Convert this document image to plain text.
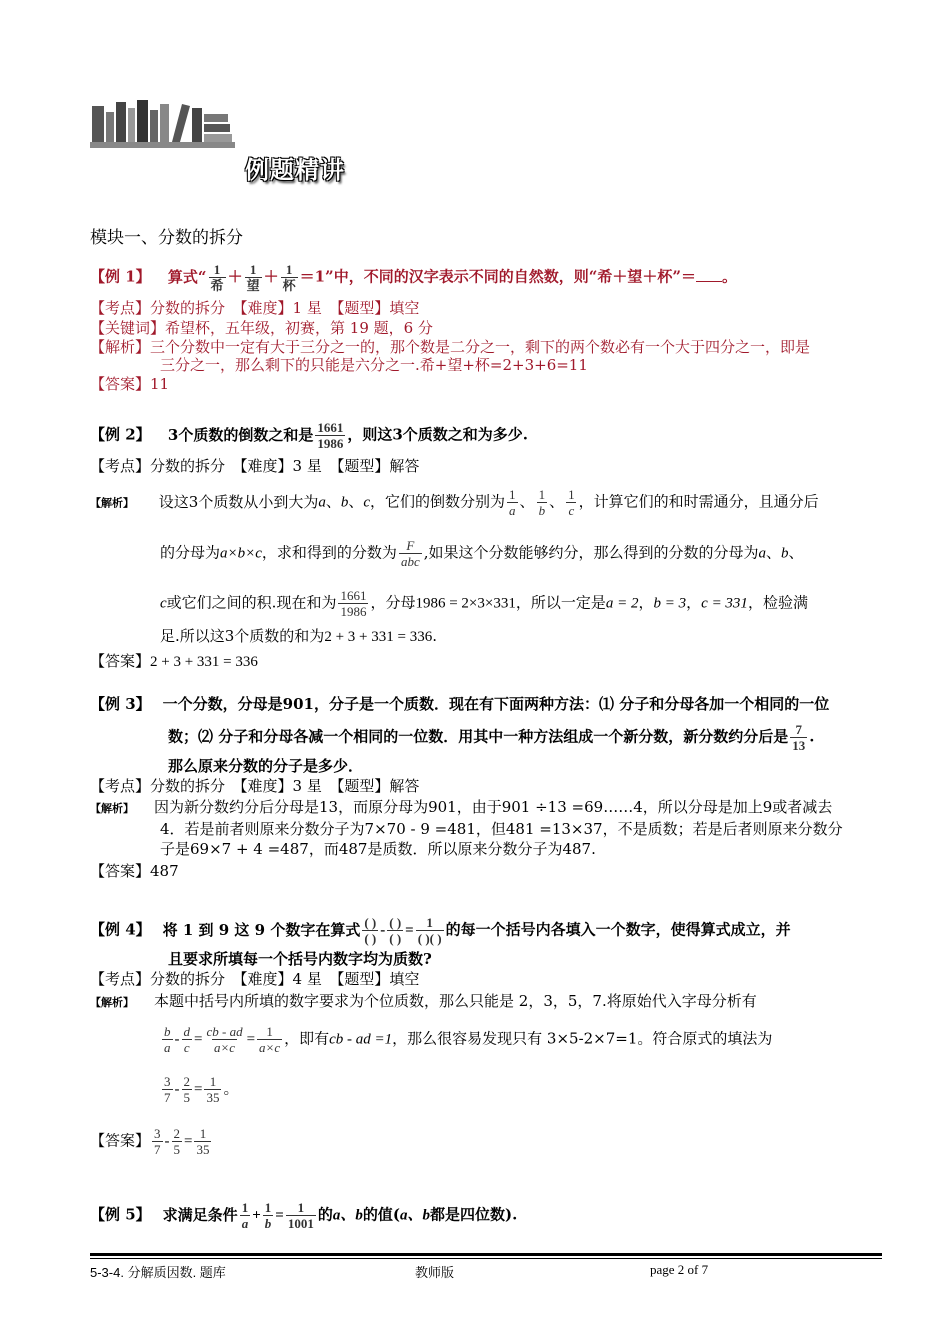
例题精讲
模块一、分数的拆分
【例 1】 算式“ $\frac{1}{\text{希}} + \frac{1}{\text{望}} + \frac{1}{\text{杯}} =1$”中，不同的汉字表示不同的自然数，则“希＋望＋杯”＝ 。
【考点】分数的拆分　【难度】1 星　【题型】填空
【关键词】希望杯，五年级，初赛，第 19 题，6 分
【解析】三个分数中一定有大于三分之一的，那个数是二分之一，剩下的两个数必有一个大于四分之一，即是
三分之一，那么剩下的只能是六分之一.希+望+杯=2+3+6=11
【答案】11
【例 2】 3个质数的倒数之和是 $\frac{1661}{1986}$ ，则这3个质数之和为多少.
【考点】分数的拆分　【难度】3 星　【题型】解答
【解析】 设这3个质数从小到大为a、b、c，它们的倒数分别为 $\frac{1}{a}$ 、 $\frac{1}{b}$ 、 $\frac{1}{c}$ ，计算它们的和时需通分，且通分后
的分母为a×b×c，求和得到的分数为 $\frac{F}{\text{abc}}$ ,如果这个分数能够约分，那么得到的分数的分母为a、b、
c或它们之间的积.现在和为 $\frac{1661}{1986}$ ，分母1986 = 2×3×331，所以一定是a = 2，b = 3，c = 331，检验满
足.所以这3个质数的和为2 + 3 + 331 = 336.
【答案】2 + 3 + 331 = 336
【例 3】 一个分数，分母是901，分子是一个质数．现在有下面两种方法：⑴ 分子和分母各加一个相同的一位
数；⑵ 分子和分母各减一个相同的一位数．用其中一种方法组成一个新分数，新分数约分后是 $\frac{7}{13}$ .
那么原来分数的分子是多少．
【考点】分数的拆分　【难度】3 星　【题型】解答
【解析】 因为新分数约分后分母是13，而原分母为901，由于901 ÷13 =69……4，所以分母是加上9或者减去
4．若是前者则原来分数分子为7×70 - 9 =481，但481 =13×37，不是质数；若是后者则原来分数分
子是69×7 + 4 =487，而487是质数．所以原来分数分子为487.
【答案】487
【例 4】 将 1 到 9 这 9 个数字在算式 $\frac{( )}{( )} - \frac{( )}{( )} = \frac{1}{( )( )}$ 的每一个括号内各填入一个数字，使得算式成立，并
且要求所填每一个括号内数字均为质数?
【考点】分数的拆分　【难度】4 星　【题型】填空
【解析】 本题中括号内所填的数字要求为个位质数，那么只能是 2，3，5，7.将原始代入字母分析有
$\frac{b}{a} - \frac{d}{c} = \frac{cb - ad}{a\times c} = \frac{1}{a\times c}$ ，即有cb - ad =1，那么很容易发现只有 3×5-2×7=1。符合原式的填法为
$\frac{3}{7} - \frac{2}{5} = \frac{1}{35}$ 。
【答案】 $\frac{3}{7} - \frac{2}{5} = \frac{1}{35}$
【例 5】 求满足条件 $\frac{1}{a} + \frac{1}{b} = \frac{1}{1001}$ 的a、b的值(a、b都是四位数).
5-3-4. 分解质因数. 题库	教师版	page 2 of 7
